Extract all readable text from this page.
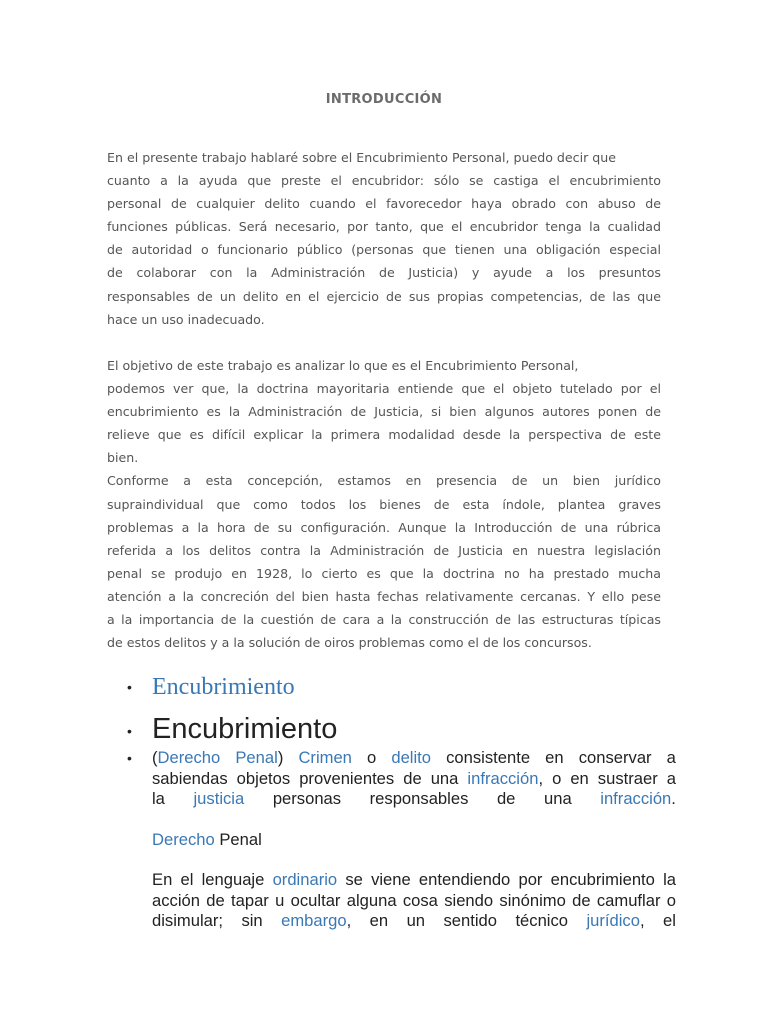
INTRODUCCIÓN
En el presente trabajo hablaré sobre el Encubrimiento Personal, puedo decir que
cuanto a la ayuda que preste el encubridor: sólo se castiga el encubrimiento
personal de cualquier delito cuando el favorecedor haya obrado con abuso de
funciones públicas. Será necesario, por tanto, que el encubridor tenga la cualidad
de autoridad o funcionario público (personas que tienen una obligación especial
de colaborar con la Administración de Justicia) y ayude a los presuntos
responsables de un delito en el ejercicio de sus propias competencias, de las que
hace un uso inadecuado.
El objetivo de este trabajo es analizar lo que es el Encubrimiento Personal,
podemos ver que, la doctrina mayoritaria entiende que el objeto tutelado por el
encubrimiento es la Administración de Justicia, si bien algunos autores ponen de
relieve que es difícil explicar la primera modalidad desde la perspectiva de este
bien.
Conforme a esta concepción, estamos en presencia de un bien jurídico
supraindividual que como todos los bienes de esta índole, plantea graves
problemas a la hora de su configuración. Aunque la Introducción de una rúbrica
referida a los delitos contra la Administración de Justicia en nuestra legislación
penal se produjo en 1928, lo cierto es que la doctrina no ha prestado mucha
atención a la concreción del bien hasta fechas relativamente cercanas. Y ello pese
a la importancia de la cuestión de cara a la construcción de las estructuras típicas
de estos delitos y a la solución de oiros problemas como el de los concursos.
• Encubrimiento
• Encubrimiento
• (Derecho Penal) Crimen o delito consistente en conservar a
sabiendas objetos provenientes de una infracción, o en sustraer a
la justicia personas responsables de una infracción.
Derecho Penal
En el lenguaje ordinario se viene entendiendo por encubrimiento la
acción de tapar u ocultar alguna cosa siendo sinónimo de camuflar o
disimular; sin embargo, en un sentido técnico jurídico, el
